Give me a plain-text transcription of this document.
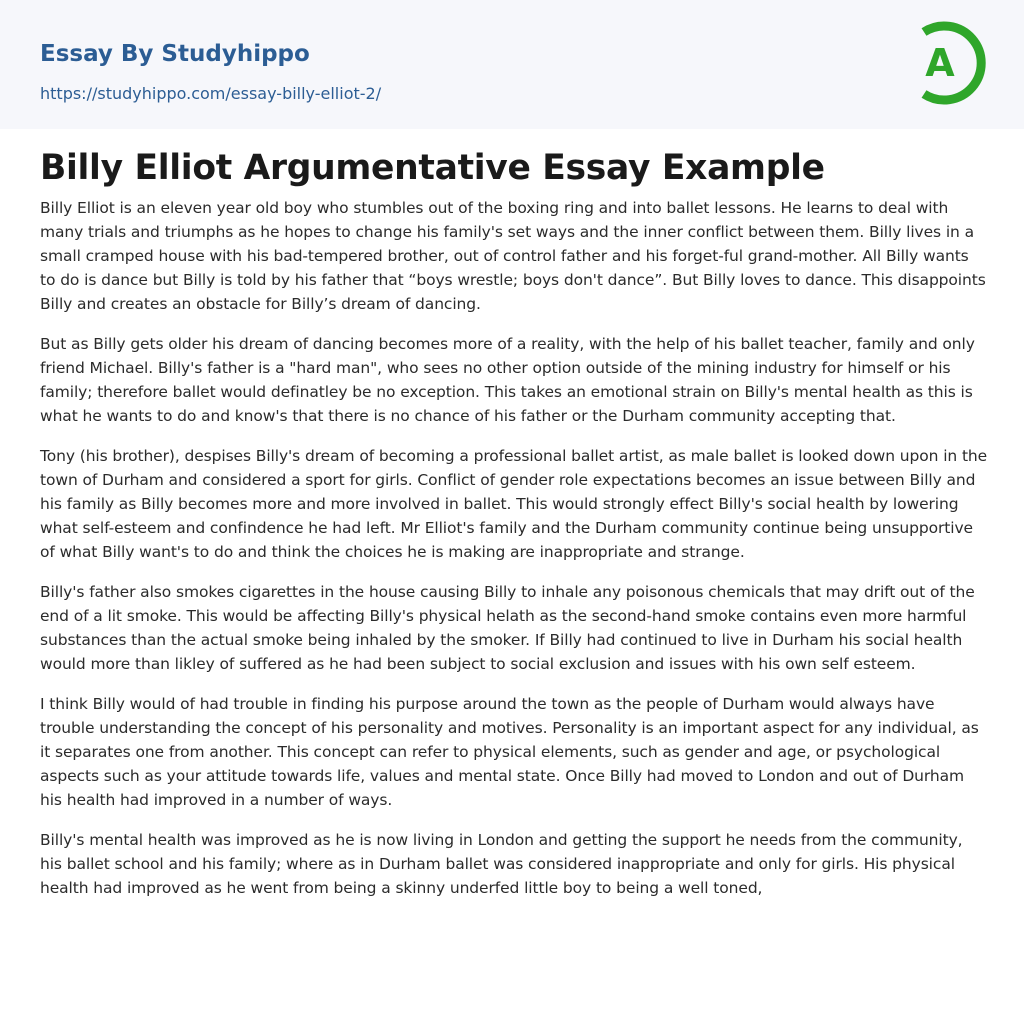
Essay By Studyhippo
https://studyhippo.com/essay-billy-elliot-2/
A
Billy Elliot Argumentative Essay Example

Billy Elliot is an eleven year old boy who stumbles out of the boxing ring and into ballet lessons. He learns to deal with many trials and triumphs as he hopes to change his family's set ways and the inner conflict between them. Billy lives in a small cramped house with his bad-tempered brother, out of control father and his forget-ful grand-mother. All Billy wants to do is dance but Billy is told by his father that “boys wrestle; boys don't dance”. But Billy loves to dance. This disappoints Billy and creates an obstacle for Billy’s dream of dancing.

But as Billy gets older his dream of dancing becomes more of a reality, with the help of his ballet teacher, family and only friend Michael. Billy's father is a "hard man", who sees no other option outside of the mining industry for himself or his family; therefore ballet would definatley be no exception. This takes an emotional strain on Billy's mental health as this is what he wants to do and know's that there is no chance of his father or the Durham community accepting that.

Tony (his brother), despises Billy's dream of becoming a professional ballet artist, as male ballet is looked down upon in the town of Durham and considered a sport for girls. Conflict of gender role expectations becomes an issue between Billy and his family as Billy becomes more and more involved in ballet. This would strongly effect Billy's social health by lowering what self-esteem and confindence he had left. Mr Elliot's family and the Durham community continue being unsupportive of what Billy want's to do and think the choices he is making are inappropriate and strange.

Billy's father also smokes cigarettes in the house causing Billy to inhale any poisonous chemicals that may drift out of the end of a lit smoke. This would be affecting Billy's physical helath as the second-hand smoke contains even more harmful substances than the actual smoke being inhaled by the smoker. If Billy had continued to live in Durham his social health would more than likley of suffered as he had been subject to social exclusion and issues with his own self esteem.

I think Billy would of had trouble in finding his purpose around the town as the people of Durham would always have trouble understanding the concept of his personality and motives. Personality is an important aspect for any individual, as it separates one from another. This concept can refer to physical elements, such as gender and age, or psychological aspects such as your attitude towards life, values and mental state. Once Billy had moved to London and out of Durham his health had improved in a number of ways.

Billy's mental health was improved as he is now living in London and getting the support he needs from the community, his ballet school and his family; where as in Durham ballet was considered inappropriate and only for girls. His physical health had improved as he went from being a skinny underfed little boy to being a well toned,
